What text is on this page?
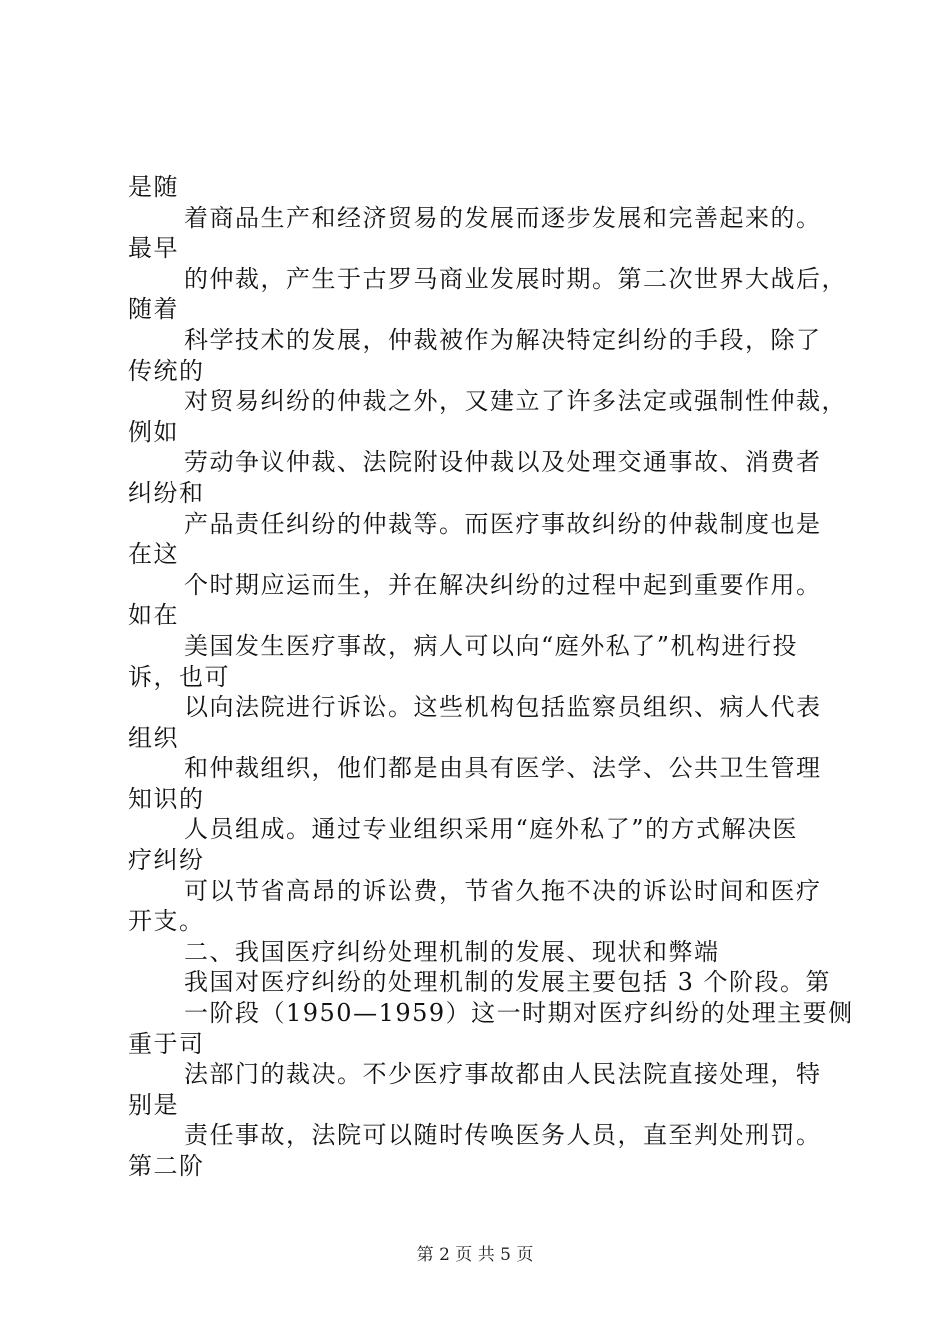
是随
着商品生产和经济贸易的发展而逐步发展和完善起来的。
最早
的仲裁，产生于古罗马商业发展时期。第二次世界大战后，
随着
科学技术的发展，仲裁被作为解决特定纠纷的手段，除了
传统的
对贸易纠纷的仲裁之外，又建立了许多法定或强制性仲裁，
例如
劳动争议仲裁、法院附设仲裁以及处理交通事故、消费者
纠纷和
产品责任纠纷的仲裁等。而医疗事故纠纷的仲裁制度也是
在这
个时期应运而生，并在解决纠纷的过程中起到重要作用。
如在
美国发生医疗事故，病人可以向“庭外私了”机构进行投
诉，也可
以向法院进行诉讼。这些机构包括监察员组织、病人代表
组织
和仲裁组织，他们都是由具有医学、法学、公共卫生管理
知识的
人员组成。通过专业组织采用“庭外私了”的方式解决医
疗纠纷
可以节省高昂的诉讼费，节省久拖不决的诉讼时间和医疗
开支。
二、我国医疗纠纷处理机制的发展、现状和弊端
我国对医疗纠纷的处理机制的发展主要包括 3 个阶段。第
一阶段（1950—1959）这一时期对医疗纠纷的处理主要侧
重于司
法部门的裁决。不少医疗事故都由人民法院直接处理，特
别是
责任事故，法院可以随时传唤医务人员，直至判处刑罚。
第二阶
第 2 页 共 5 页
